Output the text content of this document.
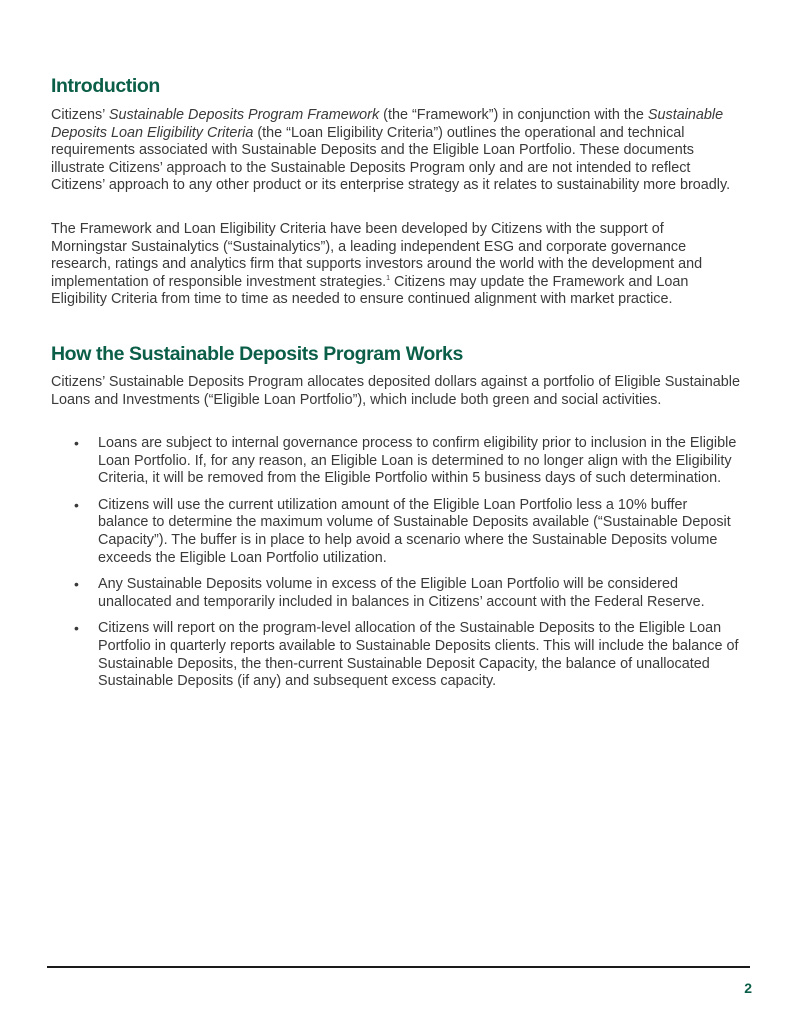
Introduction

Citizens’ Sustainable Deposits Program Framework (the “Framework”) in conjunction with the Sustainable Deposits Loan Eligibility Criteria (the “Loan Eligibility Criteria”) outlines the operational and technical requirements associated with Sustainable Deposits and the Eligible Loan Portfolio. These documents illustrate Citizens’ approach to the Sustainable Deposits Program only and are not intended to reflect Citizens’ approach to any other product or its enterprise strategy as it relates to sustainability more broadly.

The Framework and Loan Eligibility Criteria have been developed by Citizens with the support of Morningstar Sustainalytics (“Sustainalytics”), a leading independent ESG and corporate governance research, ratings and analytics firm that supports investors around the world with the development and implementation of responsible investment strategies.$^1$ Citizens may update the Framework and Loan Eligibility Criteria from time to time as needed to ensure continued alignment with market practice.

How the Sustainable Deposits Program Works

Citizens’ Sustainable Deposits Program allocates deposited dollars against a portfolio of Eligible Sustainable Loans and Investments (“Eligible Loan Portfolio”), which include both green and social activities.

• Loans are subject to internal governance process to confirm eligibility prior to inclusion in the Eligible Loan Portfolio. If, for any reason, an Eligible Loan is determined to no longer align with the Eligibility Criteria, it will be removed from the Eligible Portfolio within 5 business days of such determination.
• Citizens will use the current utilization amount of the Eligible Loan Portfolio less a 10% buffer balance to determine the maximum volume of Sustainable Deposits available (“Sustainable Deposit Capacity”). The buffer is in place to help avoid a scenario where the Sustainable Deposits volume exceeds the Eligible Loan Portfolio utilization.
• Any Sustainable Deposits volume in excess of the Eligible Loan Portfolio will be considered unallocated and temporarily included in balances in Citizens’ account with the Federal Reserve.
• Citizens will report on the program-level allocation of the Sustainable Deposits to the Eligible Loan Portfolio in quarterly reports available to Sustainable Deposits clients. This will include the balance of Sustainable Deposits, the then-current Sustainable Deposit Capacity, the balance of unallocated Sustainable Deposits (if any) and subsequent excess capacity.
2
